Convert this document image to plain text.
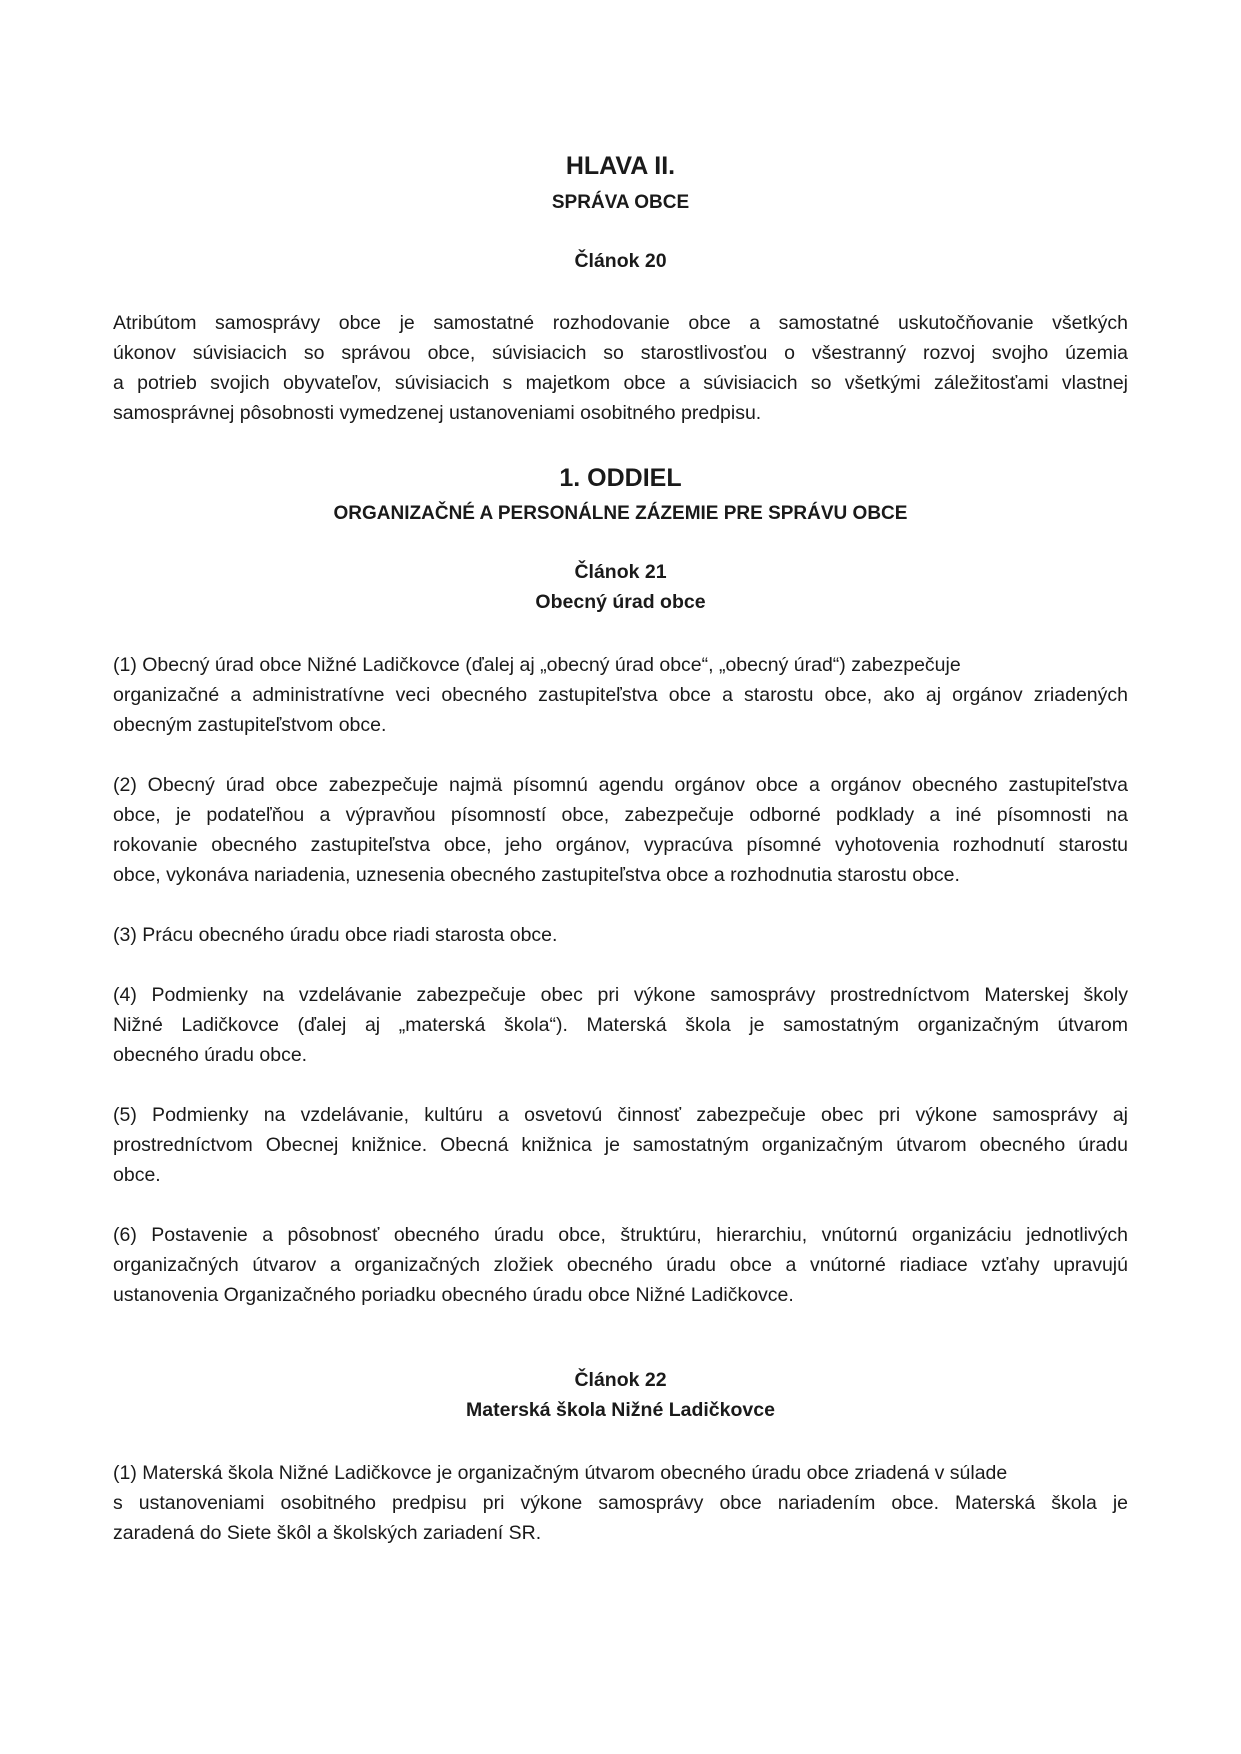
HLAVA II.
SPRÁVA OBCE
Článok 20
Atribútom samosprávy obce je samostatné rozhodovanie obce a samostatné uskutočňovanie všetkých
úkonov súvisiacich so správou obce, súvisiacich so starostlivosťou o všestranný rozvoj svojho územia
a potrieb svojich obyvateľov, súvisiacich s majetkom obce a súvisiacich so všetkými záležitosťami vlastnej
samosprávnej pôsobnosti vymedzenej ustanoveniami osobitného predpisu.
1. ODDIEL
ORGANIZAČNÉ A PERSONÁLNE ZÁZEMIE PRE SPRÁVU OBCE
Článok 21
Obecný úrad obce
(1) Obecný úrad obce Nižné Ladičkovce (ďalej aj „obecný úrad obce“, „obecný úrad“) zabezpečuje
organizačné a administratívne veci obecného zastupiteľstva obce a starostu obce, ako aj orgánov zriadených
obecným zastupiteľstvom obce.
(2) Obecný úrad obce zabezpečuje najmä písomnú agendu orgánov obce a orgánov obecného zastupiteľstva
obce, je podateľňou a výpravňou písomností obce, zabezpečuje odborné podklady a iné písomnosti na
rokovanie obecného zastupiteľstva obce, jeho orgánov, vypracúva písomné vyhotovenia rozhodnutí starostu
obce, vykonáva nariadenia, uznesenia obecného zastupiteľstva obce a rozhodnutia starostu obce.
(3) Prácu obecného úradu obce riadi starosta obce.
(4) Podmienky na vzdelávanie zabezpečuje obec pri výkone samosprávy prostredníctvom Materskej školy
Nižné Ladičkovce (ďalej aj „materská škola“). Materská škola je samostatným organizačným útvarom
obecného úradu obce.
(5) Podmienky na vzdelávanie, kultúru a osvetovú činnosť zabezpečuje obec pri výkone samosprávy aj
prostredníctvom Obecnej knižnice. Obecná knižnica je samostatným organizačným útvarom obecného úradu
obce.
(6) Postavenie a pôsobnosť obecného úradu obce, štruktúru, hierarchiu, vnútornú organizáciu jednotlivých
organizačných útvarov a organizačných zložiek obecného úradu obce a vnútorné riadiace vzťahy upravujú
ustanovenia Organizačného poriadku obecného úradu obce Nižné Ladičkovce.
Článok 22
Materská škola Nižné Ladičkovce
(1) Materská škola Nižné Ladičkovce je organizačným útvarom obecného úradu obce zriadená v súlade
s ustanoveniami osobitného predpisu pri výkone samosprávy obce nariadením obce. Materská škola je
zaradená do Siete škôl a školských zariadení SR.
